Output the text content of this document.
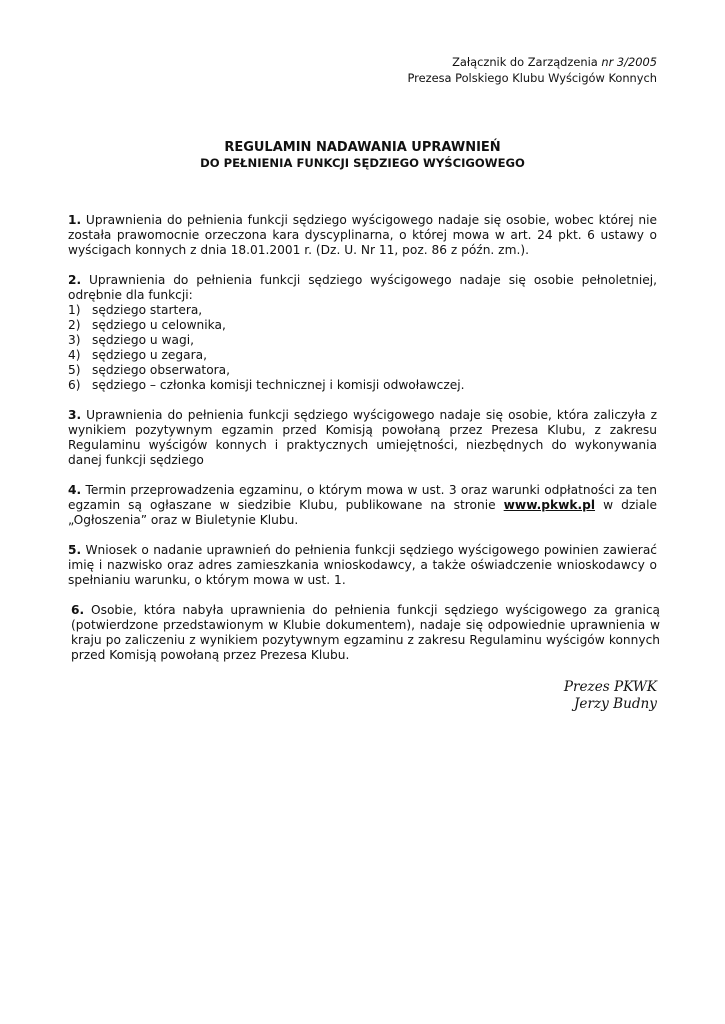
Załącznik do Zarządzenia nr 3/2005
Prezesa Polskiego Klubu Wyścigów Konnych
REGULAMIN NADAWANIA UPRAWNIEŃ
DO PEŁNIENIA FUNKCJI SĘDZIEGO WYŚCIGOWEGO

1. Uprawnienia do pełnienia funkcji sędziego wyścigowego nadaje się osobie, wobec której nie została prawomocnie orzeczona kara dyscyplinarna, o której mowa w art. 24 pkt. 6 ustawy o wyścigach konnych z dnia 18.01.2001 r. (Dz. U. Nr 11, poz. 86 z późn. zm.).

2. Uprawnienia do pełnienia funkcji sędziego wyścigowego nadaje się osobie pełnoletniej, odrębnie dla funkcji:
1) sędziego startera,
2) sędziego u celownika,
3) sędziego u wagi,
4) sędziego u zegara,
5) sędziego obserwatora,
6) sędziego – członka komisji technicznej i komisji odwoławczej.

3. Uprawnienia do pełnienia funkcji sędziego wyścigowego nadaje się osobie, która zaliczyła z wynikiem pozytywnym egzamin przed Komisją powołaną przez Prezesa Klubu, z zakresu Regulaminu wyścigów konnych i praktycznych umiejętności, niezbędnych do wykonywania danej funkcji sędziego

4. Termin przeprowadzenia egzaminu, o którym mowa w ust. 3 oraz warunki odpłatności za ten egzamin są ogłaszane w siedzibie Klubu, publikowane na stronie www.pkwk.pl w dziale „Ogłoszenia” oraz w Biuletynie Klubu.

5. Wniosek o nadanie uprawnień do pełnienia funkcji sędziego wyścigowego powinien zawierać imię i nazwisko oraz adres zamieszkania wnioskodawcy, a także oświadczenie wnioskodawcy o spełnianiu warunku, o którym mowa w ust. 1.

6. Osobie, która nabyła uprawnienia do pełnienia funkcji sędziego wyścigowego za granicą (potwierdzone przedstawionym w Klubie dokumentem), nadaje się odpowiednie uprawnienia w kraju po zaliczeniu z wynikiem pozytywnym egzaminu z zakresu Regulaminu wyścigów konnych przed Komisją powołaną przez Prezesa Klubu.

Prezes PKWK
Jerzy Budny
